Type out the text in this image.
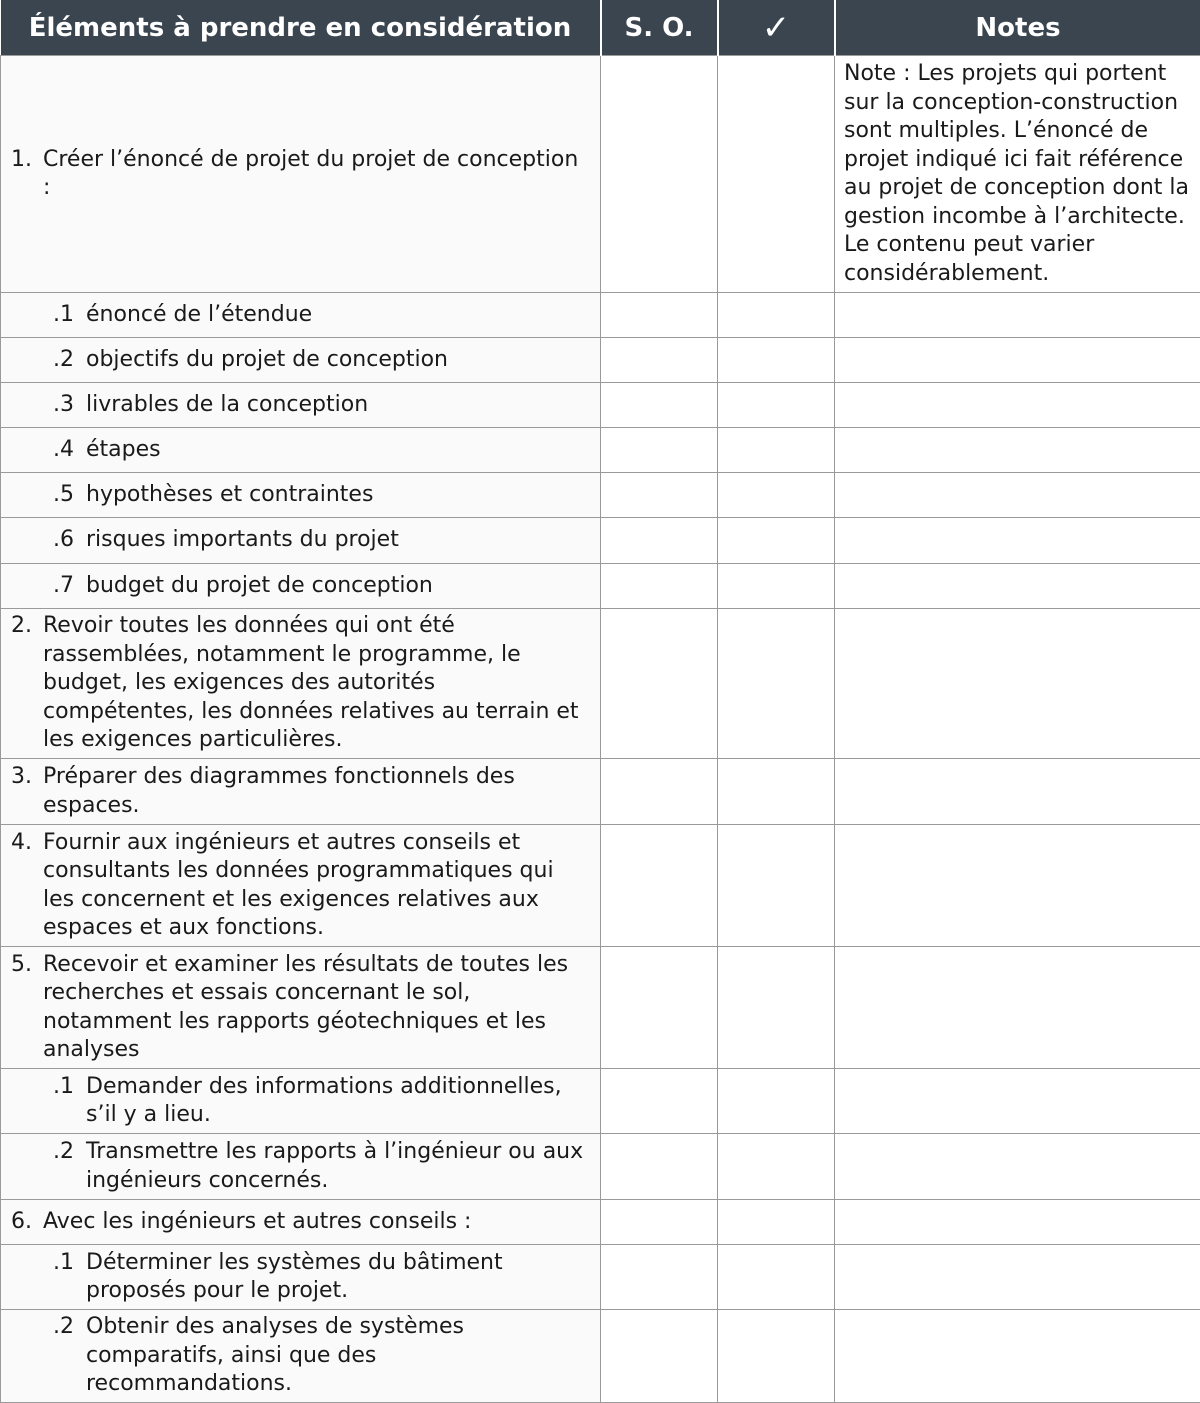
Éléments à prendre en considération	S. O.	✓	Notes

1. Créer l’énoncé de projet du projet de conception :			Note : Les projets qui portent sur la conception-construction sont multiples. L’énoncé de projet indiqué ici fait référence au projet de conception dont la gestion incombe à l’architecte. Le contenu peut varier considérablement.

.1 énoncé de l’étendue			

.2 objectifs du projet de conception			

.3 livrables de la conception			

.4 étapes			

.5 hypothèses et contraintes			

.6 risques importants du projet			

.7 budget du projet de conception			

2. Revoir toutes les données qui ont été rassemblées, notamment le programme, le budget, les exigences des autorités compétentes, les données relatives au terrain et les exigences particulières.			

3. Préparer des diagrammes fonctionnels des espaces.			

4. Fournir aux ingénieurs et autres conseils et consultants les données programmatiques qui les concernent et les exigences relatives aux espaces et aux fonctions.			

5. Recevoir et examiner les résultats de toutes les recherches et essais concernant le sol, notamment les rapports géotechniques et les analyses			

.1 Demander des informations additionnelles, s’il y a lieu.			

.2 Transmettre les rapports à l’ingénieur ou aux ingénieurs concernés.			

6. Avec les ingénieurs et autres conseils :			

.1 Déterminer les systèmes du bâtiment proposés pour le projet.			

.2 Obtenir des analyses de systèmes comparatifs, ainsi que des recommandations.			
